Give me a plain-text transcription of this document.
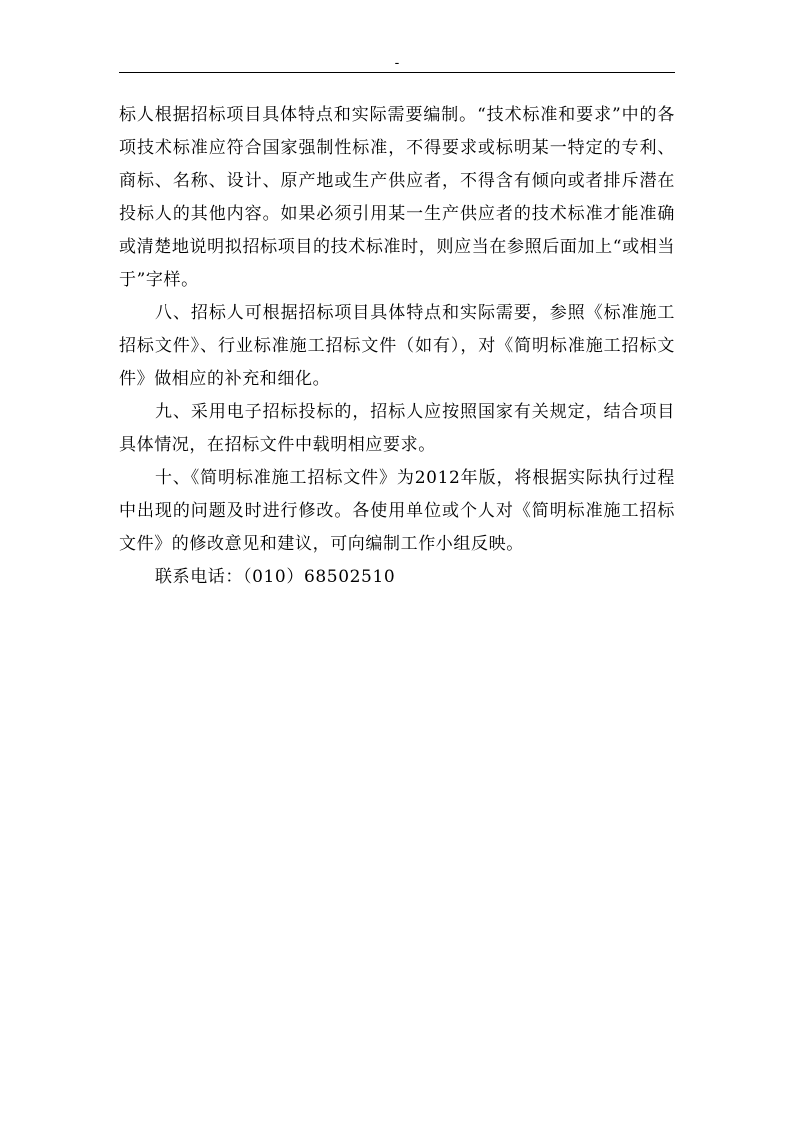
-

标人根据招标项目具体特点和实际需要编制。“技术标准和要求”中的各项技术标准应符合国家强制性标准，不得要求或标明某一特定的专利、商标、名称、设计、原产地或生产供应者，不得含有倾向或者排斥潜在投标人的其他内容。如果必须引用某一生产供应者的技术标准才能准确或清楚地说明拟招标项目的技术标准时，则应当在参照后面加上“或相当于”字样。

八、招标人可根据招标项目具体特点和实际需要，参照《标准施工招标文件》、行业标准施工招标文件（如有），对《简明标准施工招标文件》做相应的补充和细化。

九、采用电子招标投标的，招标人应按照国家有关规定，结合项目具体情况，在招标文件中载明相应要求。

十、《简明标准施工招标文件》为2012年版，将根据实际执行过程中出现的问题及时进行修改。各使用单位或个人对《简明标准施工招标文件》的修改意见和建议，可向编制工作小组反映。

联系电话：（010）68502510
